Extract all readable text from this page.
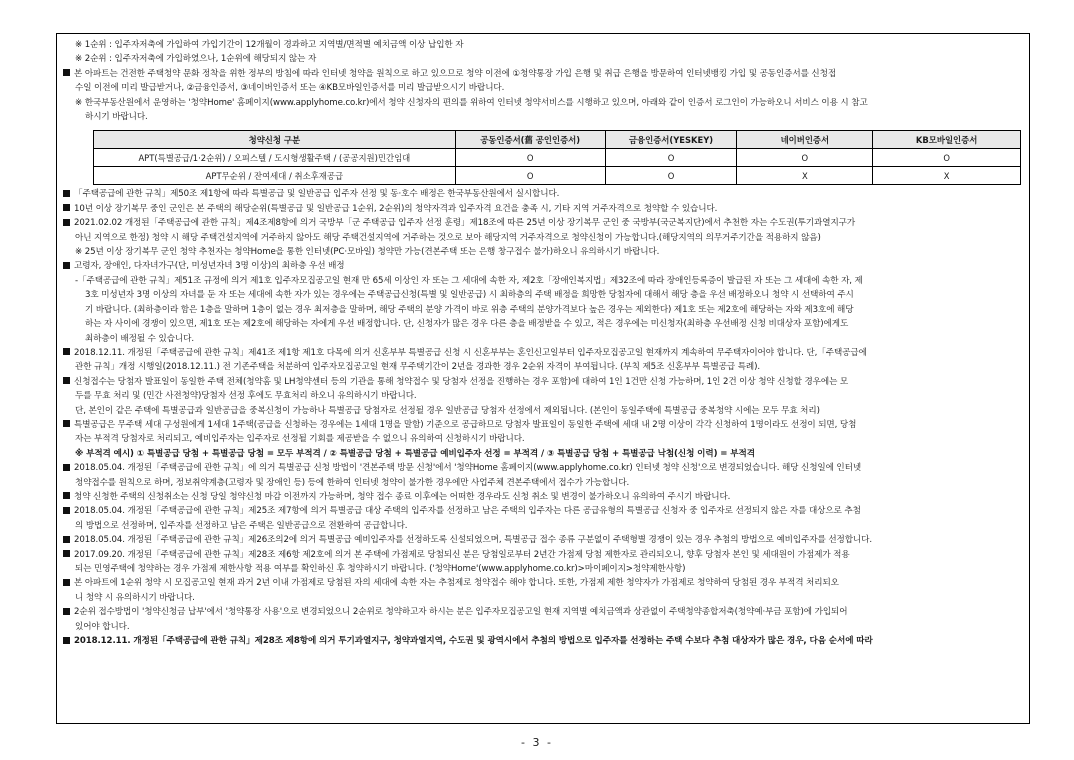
※ 1순위 : 입주자저축에 가입하여 가입기간이 12개월이 경과하고 지역별/면적별 예치금액 이상 납입한 자
※ 2순위 : 입주자저축에 가입하였으나, 1순위에 해당되지 않는 자
본 아파트는 건전한 주택청약 문화 정착을 위한 정부의 방침에 따라 인터넷 청약을 원칙으로 하고 있으므로 청약 이전에 ①청약통장 가입 은행 및 취급 은행을 방문하여 인터넷뱅킹 가입 및 공동인증서를 신청접
수일 이전에 미리 발급받거나, ②금융인증서, ③네이버인증서 또는 ④KB모바일인증서를 미리 발급받으시기 바랍니다.
※ 한국부동산원에서 운영하는 '청약Home' 홈페이지(www.applyhome.co.kr)에서 청약 신청자의 편의를 위하여 인터넷 청약서비스를 시행하고 있으며, 아래와 같이 인증서 로그인이 가능하오니 서비스 이용 시 참고
하시기 바랍니다.
청약신청 구분	공동인증서(舊 공인인증서)	금융인증서(YESKEY)	네이버인증서	KB모바일인증서
APT(특별공급/1·2순위) / 오피스텔 / 도시형생활주택 / (공공지원)민간임대	O	O	O	O
APT무순위 / 잔여세대 / 취소후재공급	O	O	X	X
「주택공급에 관한 규칙」제50조 제1항에 따라 특별공급 및 일반공급 입주자 선정 및 동·호수 배정은 한국부동산원에서 실시합니다.
10년 이상 장기복무 중인 군인은 본 주택의 해당순위(특별공급 및 일반공급 1순위, 2순위)의 청약자격과 입주자격 요건을 충족 시, 기타 지역 거주자격으로 청약할 수 있습니다.
2021.02.02 개정된「주택공급에 관한 규칙」제4조제8항에 의거 국방부「군 주택공급 입주자 선정 훈령」제18조에 따른 25년 이상 장기복무 군인 중 국방부(국군복지단)에서 추천한 자는 수도권(투기과열지구가
아닌 지역으로 한정) 청약 시 해당 주택건설지역에 거주하지 않아도 해당 주택건설지역에 거주하는 것으로 보아 해당지역 거주자격으로 청약신청이 가능합니다.(해당지역의 의무거주기간을 적용하지 않음)
※ 25년 이상 장기복무 군인 청약 추천자는 청약Home을 통한 인터넷(PC·모바일) 청약만 가능(견본주택 또는 은행 창구접수 불가)하오니 유의하시기 바랍니다.
고령자, 장애인, 다자녀가구(단, 미성년자녀 3명 이상)의 최하층 우선 배정
-「주택공급에 관한 규칙」제51조 규정에 의거 제1호 입주자모집공고일 현재 만 65세 이상인 자 또는 그 세대에 속한 자, 제2호「장애인복지법」제32조에 따라 장애인등록증이 발급된 자 또는 그 세대에 속한 자, 제
3호 미성년자 3명 이상의 자녀를 둔 자 또는 세대에 속한 자가 있는 경우에는 주택공급신청(특별 및 일반공급) 시 최하층의 주택 배정을 희망한 당첨자에 대해서 해당 층을 우선 배정하오니 청약 시 선택하여 주시
기 바랍니다. (최하층이라 함은 1층을 말하며 1층이 없는 경우 최저층을 말하며, 해당 주택의 분양 가격이 바로 위층 주택의 분양가격보다 높은 경우는 제외한다) 제1호 또는 제2호에 해당하는 자와 제3호에 해당
하는 자 사이에 경쟁이 있으면, 제1호 또는 제2호에 해당하는 자에게 우선 배정합니다. 단, 신청자가 많은 경우 다른 층을 배정받을 수 있고, 적은 경우에는 미신청자(최하층 우선배정 신청 비대상자 포함)에게도
최하층이 배정될 수 있습니다.
2018.12.11. 개정된「주택공급에 관한 규칙」제41조 제1항 제1호 다목에 의거 신혼부부 특별공급 신청 시 신혼부부는 혼인신고일부터 입주자모집공고일 현재까지 계속하여 무주택자이어야 합니다. 단,「주택공급에
관한 규칙」개정 시행일(2018.12.11.) 전 기존주택을 처분하여 입주자모집공고일 현재 무주택기간이 2년을 경과한 경우 2순위 자격이 부여됩니다. (부칙 제5조 신혼부부 특별공급 특례).
신청접수는 당첨자 발표일이 동일한 주택 전체(청약홈 및 LH청약센터 등의 기관을 통해 청약접수 및 당첨자 선정을 진행하는 경우 포함)에 대하여 1인 1건만 신청 가능하며, 1인 2건 이상 청약 신청할 경우에는 모
두를 무효 처리 및 (민간 사전청약)당첨자 선정 후에도 무효처리 하오니 유의하시기 바랍니다.
단, 본인이 같은 주택에 특별공급과 일반공급을 중복신청이 가능하나 특별공급 당첨자로 선정될 경우 일반공급 당첨자 선정에서 제외됩니다. (본인이 동일주택에 특별공급 중복청약 시에는 모두 무효 처리)
특별공급은 무주택 세대 구성원에게 1세대 1주택(공급을 신청하는 경우에는 1세대 1명을 말함) 기준으로 공급하므로 당첨자 발표일이 동일한 주택에 세대 내 2명 이상이 각각 신청하여 1명이라도 선정이 되면, 당첨
자는 부적격 당첨자로 처리되고, 예비입주자는 입주자로 선정될 기회를 제공받을 수 없으니 유의하여 신청하시기 바랍니다.
※ 부적격 예시) ① 특별공급 당첨 + 특별공급 당첨 = 모두 부적격 / ② 특별공급 당첨 + 특별공급 예비입주자 선정 = 부적격 / ③ 특별공급 당첨 + 특별공급 낙첨(신청 이력) = 부적격
2018.05.04. 개정된「주택공급에 관한 규칙」에 의거 특별공급 신청 방법이 '견본주택 방문 신청'에서 '청약Home 홈페이지(www.applyhome.co.kr) 인터넷 청약 신청'으로 변경되었습니다. 해당 신청일에 인터넷
청약접수를 원칙으로 하며, 정보취약계층(고령자 및 장애인 등) 등에 한하여 인터넷 청약이 불가한 경우에만 사업주체 견본주택에서 접수가 가능합니다.
청약 신청한 주택의 신청취소는 신청 당일 청약신청 마감 이전까지 가능하며, 청약 접수 종료 이후에는 어떠한 경우라도 신청 취소 및 변경이 불가하오니 유의하여 주시기 바랍니다.
2018.05.04. 개정된「주택공급에 관한 규칙」제25조 제7항에 의거 특별공급 대상 주택의 입주자를 선정하고 남은 주택의 입주자는 다른 공급유형의 특별공급 신청자 중 입주자로 선정되지 않은 자를 대상으로 추첨
의 방법으로 선정하며, 입주자를 선정하고 남은 주택은 일반공급으로 전환하여 공급합니다.
2018.05.04. 개정된「주택공급에 관한 규칙」제26조의2에 의거 특별공급 예비입주자를 선정하도록 신설되었으며, 특별공급 접수 종류 구분없이 주택형별 경쟁이 있는 경우 추첨의 방법으로 예비입주자를 선정합니다.
2017.09.20. 개정된「주택공급에 관한 규칙」제28조 제6항 제2호에 의거 본 주택에 가점제로 당첨되신 분은 당첨일로부터 2년간 가점제 당첨 제한자로 관리되오니, 향후 당첨자 본인 및 세대원이 가점제가 적용
되는 민영주택에 청약하는 경우 가점제 제한사항 적용 여부를 확인하신 후 청약하시기 바랍니다. ('청약Home'(www.applyhome.co.kr)>마이페이지>청약제한사항)
본 아파트에 1순위 청약 시 모집공고일 현재 과거 2년 이내 가점제로 당첨된 자의 세대에 속한 자는 추첨제로 청약접수 해야 합니다. 또한, 가점제 제한 청약자가 가점제로 청약하여 당첨된 경우 부적격 처리되오
니 청약 시 유의하시기 바랍니다.
2순위 접수방법이 '청약신청금 납부'에서 '청약통장 사용'으로 변경되었으니 2순위로 청약하고자 하시는 분은 입주자모집공고일 현재 지역별 예치금액과 상관없이 주택청약종합저축(청약예·부금 포함)에 가입되어
있어야 합니다.
2018.12.11. 개정된「주택공급에 관한 규칙」제28조 제8항에 의거 투기과열지구, 청약과열지역, 수도권 및 광역시에서 추첨의 방법으로 입주자를 선정하는 주택 수보다 추첨 대상자가 많은 경우, 다음 순서에 따라
- 3 -
